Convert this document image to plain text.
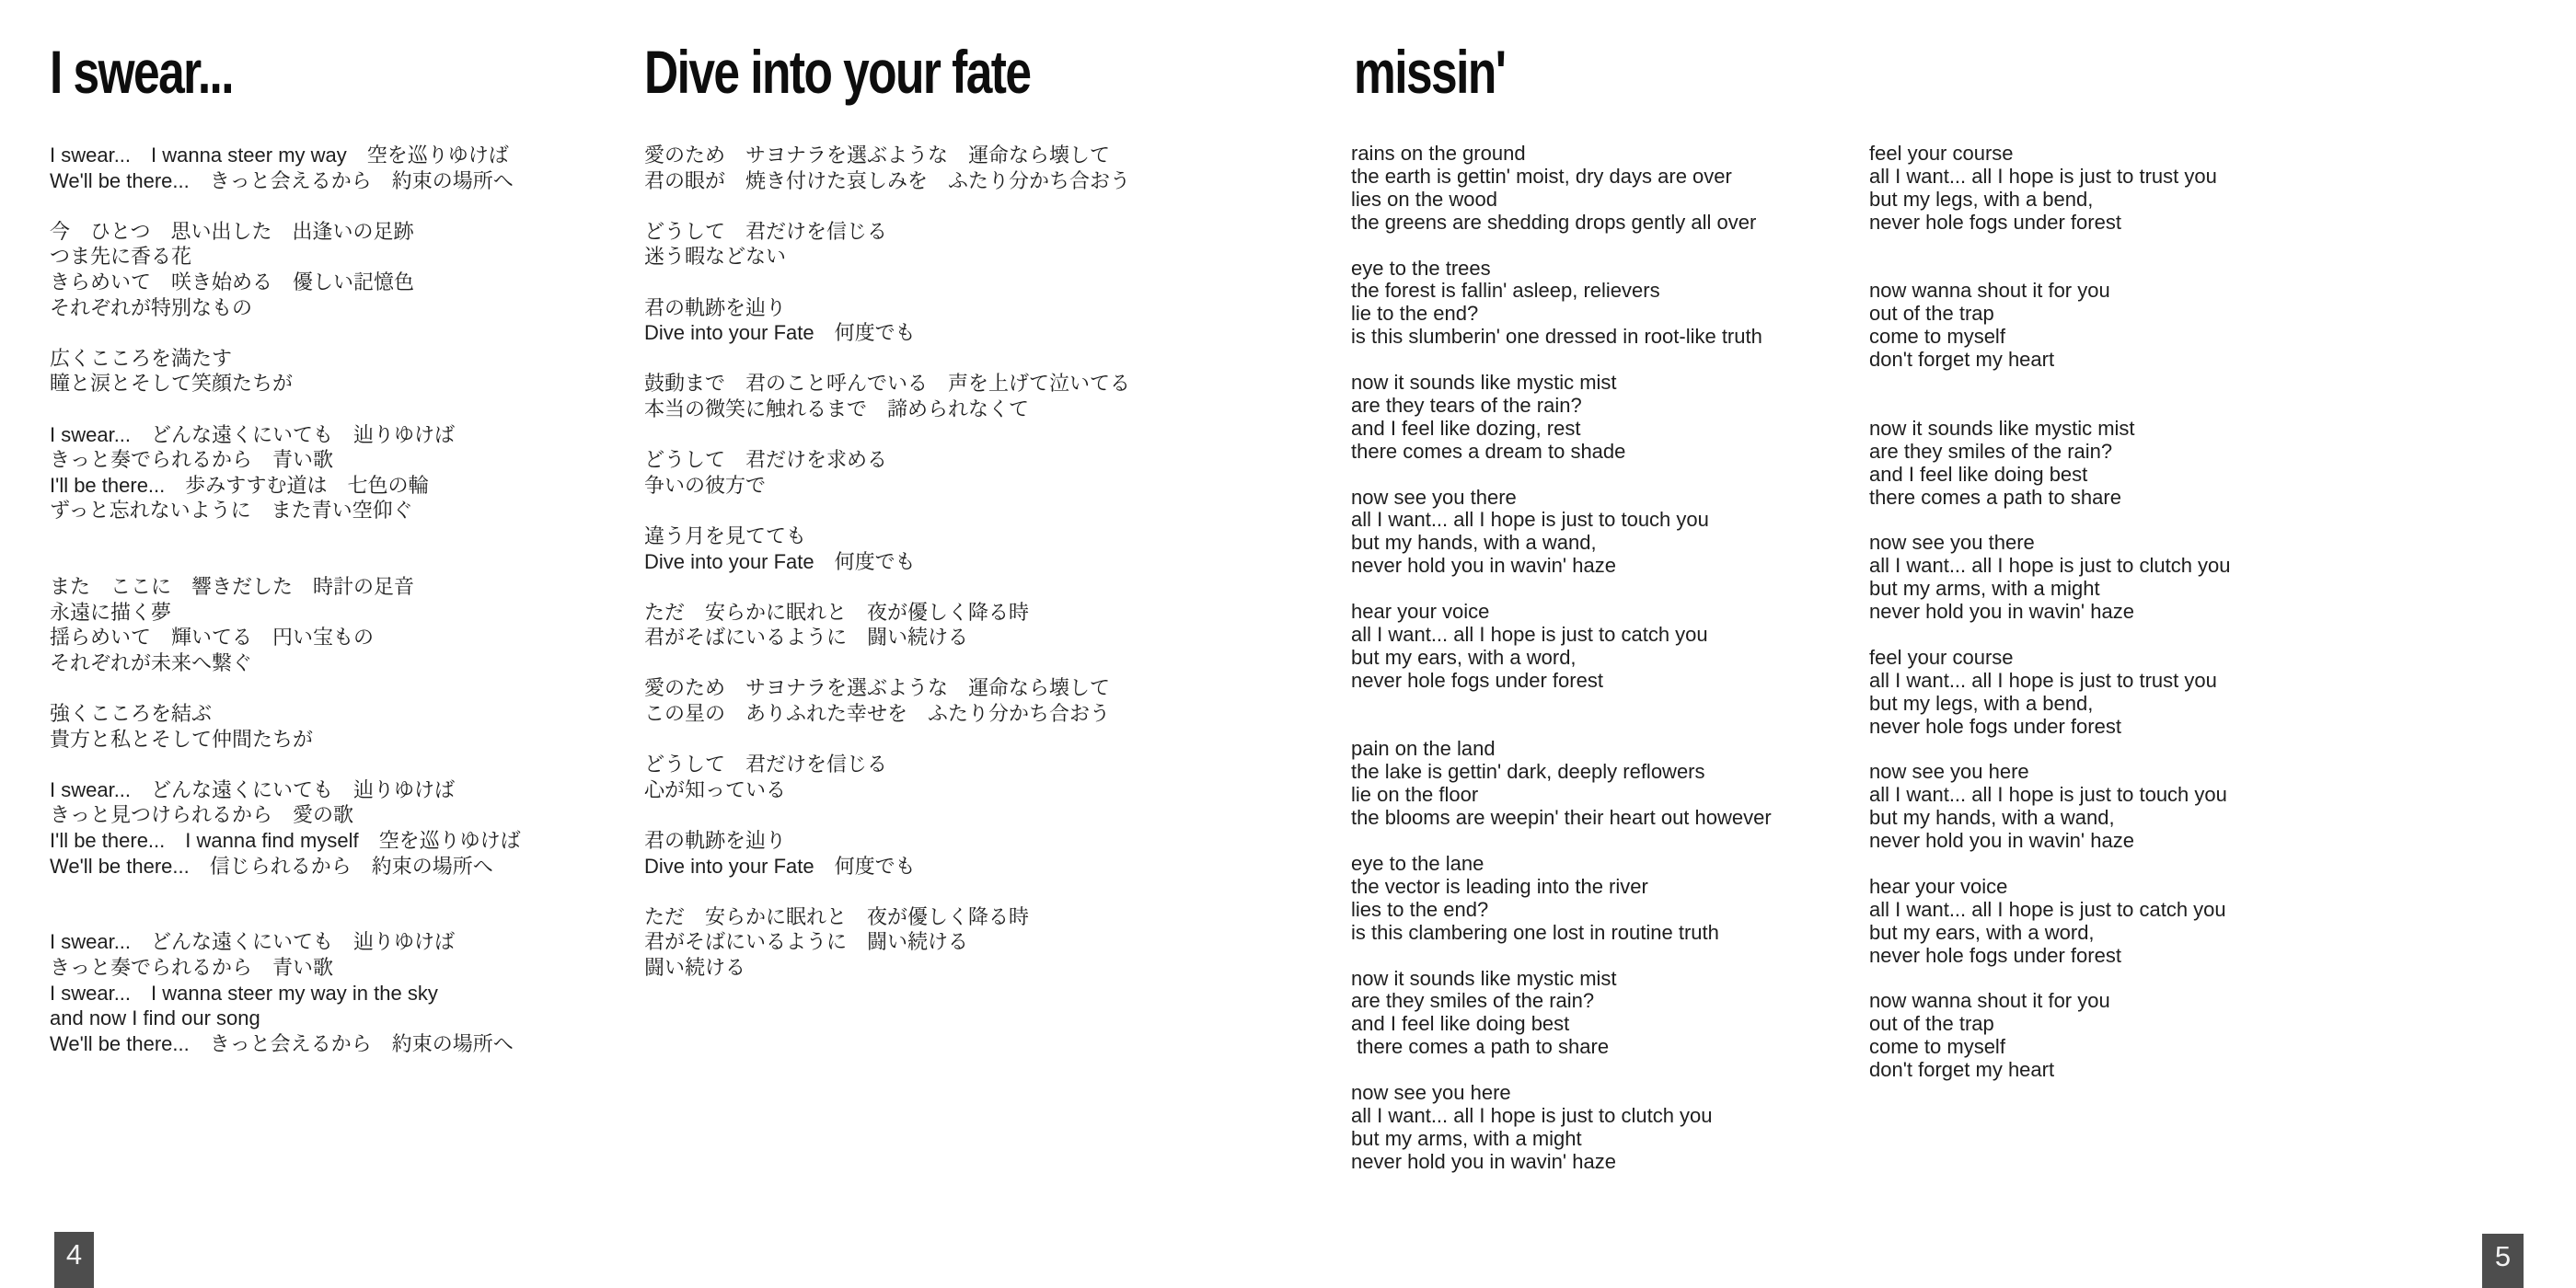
I swear...	Dive into your fate	missin'
I swear...　I wanna steer my way　空を巡りゆけば
We'll be there...　きっと会えるから　約束の場所へ
今　ひとつ　思い出した　出逢いの足跡
つま先に香る花
きらめいて　咲き始める　優しい記憶色
それぞれが特別なもの
広くこころを満たす
瞳と涙とそして笑顔たちが
I swear...　どんな遠くにいても　辿りゆけば
きっと奏でられるから　青い歌
I'll be there...　歩みすすむ道は　七色の輪
ずっと忘れないように　また青い空仰ぐ
また　ここに　響きだした　時計の足音
永遠に描く夢
揺らめいて　輝いてる　円い宝もの
それぞれが未来へ繋ぐ
強くこころを結ぶ
貴方と私とそして仲間たちが
I swear...　どんな遠くにいても　辿りゆけば
きっと見つけられるから　愛の歌
I'll be there...　I wanna find myself　空を巡りゆけば
We'll be there...　信じられるから　約束の場所へ
I swear...　どんな遠くにいても　辿りゆけば
きっと奏でられるから　青い歌
I swear...　I wanna steer my way in the sky
and now I find our song
We'll be there...　きっと会えるから　約束の場所へ
愛のため　サヨナラを選ぶような　運命なら壊して
君の眼が　焼き付けた哀しみを　ふたり分かち合おう
どうして　君だけを信じる
迷う暇などない
君の軌跡を辿り
Dive into your Fate　何度でも
鼓動まで　君のこと呼んでいる　声を上げて泣いてる
本当の微笑に触れるまで　諦められなくて
どうして　君だけを求める
争いの彼方で
違う月を見てても
Dive into your Fate　何度でも
ただ　安らかに眠れと　夜が優しく降る時
君がそばにいるように　闘い続ける
愛のため　サヨナラを選ぶような　運命なら壊して
この星の　ありふれた幸せを　ふたり分かち合おう
どうして　君だけを信じる
心が知っている
君の軌跡を辿り
Dive into your Fate　何度でも
ただ　安らかに眠れと　夜が優しく降る時
君がそばにいるように　闘い続ける
闘い続ける
rains on the ground
the earth is gettin' moist, dry days are over
lies on the wood
the greens are shedding drops gently all over
eye to the trees
the forest is fallin' asleep, relievers
lie to the end?
is this slumberin' one dressed in root-like truth
now it sounds like mystic mist
are they tears of the rain?
and I feel like dozing, rest
there comes a dream to shade
now see you there
all I want... all I hope is just to touch you
but my hands, with a wand,
never hold you in wavin' haze
hear your voice
all I want... all I hope is just to catch you
but my ears, with a word,
never hole fogs under forest
pain on the land
the lake is gettin' dark, deeply reflowers
lie on the floor
the blooms are weepin' their heart out however
eye to the lane
the vector is leading into the river
lies to the end?
is this clambering one lost in routine truth
now it sounds like mystic mist
are they smiles of the rain?
and I feel like doing best
there comes a path to share
now see you here
all I want... all I hope is just to clutch you
but my arms, with a might
never hold you in wavin' haze
feel your course
all I want... all I hope is just to trust you
but my legs, with a bend,
never hole fogs under forest
now wanna shout it for you
out of the trap
come to myself
don't forget my heart
now it sounds like mystic mist
are they smiles of the rain?
and I feel like doing best
there comes a path to share
now see you there
all I want... all I hope is just to clutch you
but my arms, with a might
never hold you in wavin' haze
feel your course
all I want... all I hope is just to trust you
but my legs, with a bend,
never hole fogs under forest
now see you here
all I want... all I hope is just to touch you
but my hands, with a wand,
never hold you in wavin' haze
hear your voice
all I want... all I hope is just to catch you
but my ears, with a word,
never hole fogs under forest
now wanna shout it for you
out of the trap
come to myself
don't forget my heart
4	5
